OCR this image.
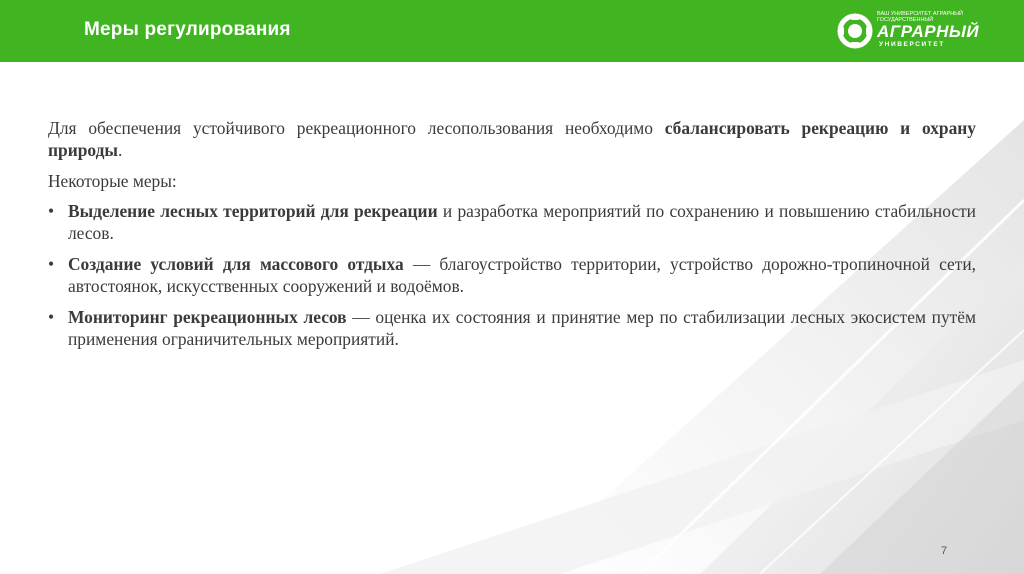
Меры регулирования
ВАШ УНИВЕРСИТЕТ АГРАРНЫЙ
ГОСУДАРСТВЕННЫЙ
АГРАРНЫЙ
УНИВЕРСИТЕТ

Для обеспечения устойчивого рекреационного лесопользования необходимо сбалансировать рекреацию и охрану природы.

Некоторые меры:

• Выделение лесных территорий для рекреации и разработка мероприятий по сохранению и повышению стабильности лесов.
• Создание условий для массового отдыха — благоустройство территории, устройство дорожно-тропиночной сети, автостоянок, искусственных сооружений и водоёмов.
• Мониторинг рекреационных лесов — оценка их состояния и принятие мер по стабилизации лесных экосистем путём применения ограничительных мероприятий.
7
